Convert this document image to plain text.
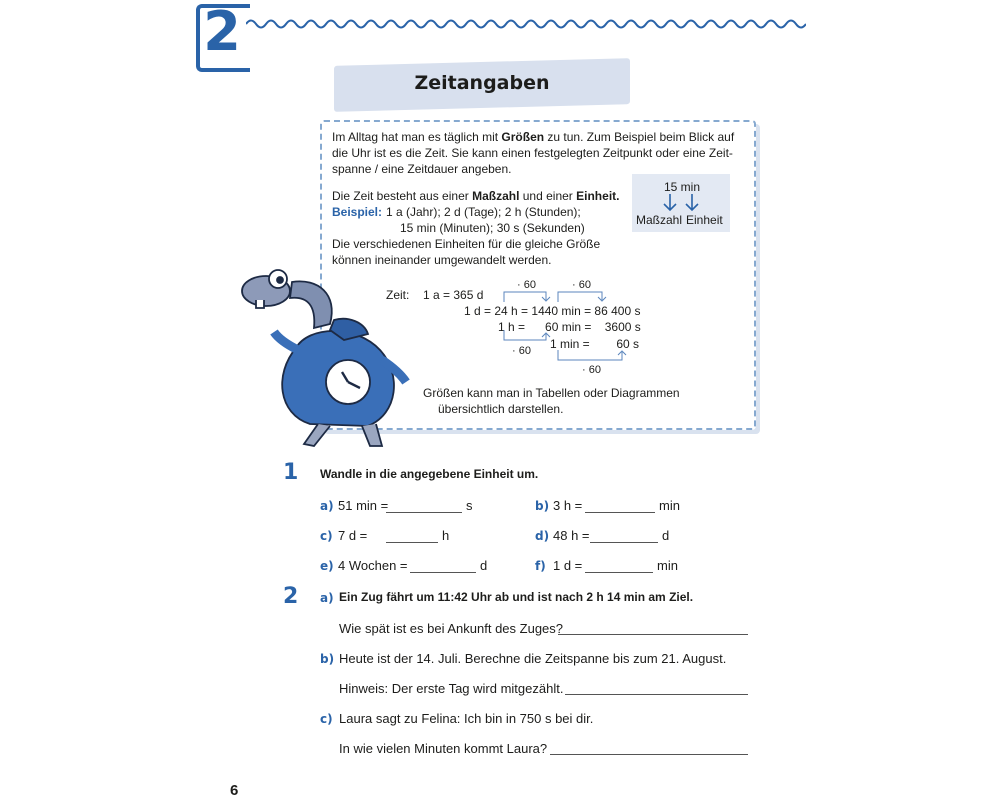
2
Zeitangaben
Im Alltag hat man es täglich mit Größen zu tun. Zum Beispiel beim Blick auf
die Uhr ist es die Zeit. Sie kann einen festgelegten Zeitpunkt oder eine Zeit-
spanne / eine Zeitdauer angeben.
Die Zeit besteht aus einer Maßzahl und einer Einheit.
Beispiel: 1 a (Jahr); 2 d (Tage); 2 h (Stunden);
15 min (Minuten); 30 s (Sekunden)
Die verschiedenen Einheiten für die gleiche Größe
können ineinander umgewandelt werden.
15 min
Maßzahl Einheit
Zeit: 1 a = 365 d
1 d = 24 h = 1440 min = 86 400 s
1 h =      60 min =    3600 s
1 min =        60 s
· 60	· 60
· 60
· 60
Größen kann man in Tabellen oder Diagrammen
übersichtlich darstellen.
1 Wandle in die angegebene Einheit um.
a) 51 min =	s	b) 3 h =	min
c) 7 d =	h	d) 48 h =	d
e) 4 Wochen =	d	f) 1 d =	min
2 a) Ein Zug fährt um 11:42 Uhr ab und ist nach 2 h 14 min am Ziel.
Wie spät ist es bei Ankunft des Zuges?
b) Heute ist der 14. Juli. Berechne die Zeitspanne bis zum 21. August.
Hinweis: Der erste Tag wird mitgezählt.
c) Laura sagt zu Felina: Ich bin in 750 s bei dir.
In wie vielen Minuten kommt Laura?
6
